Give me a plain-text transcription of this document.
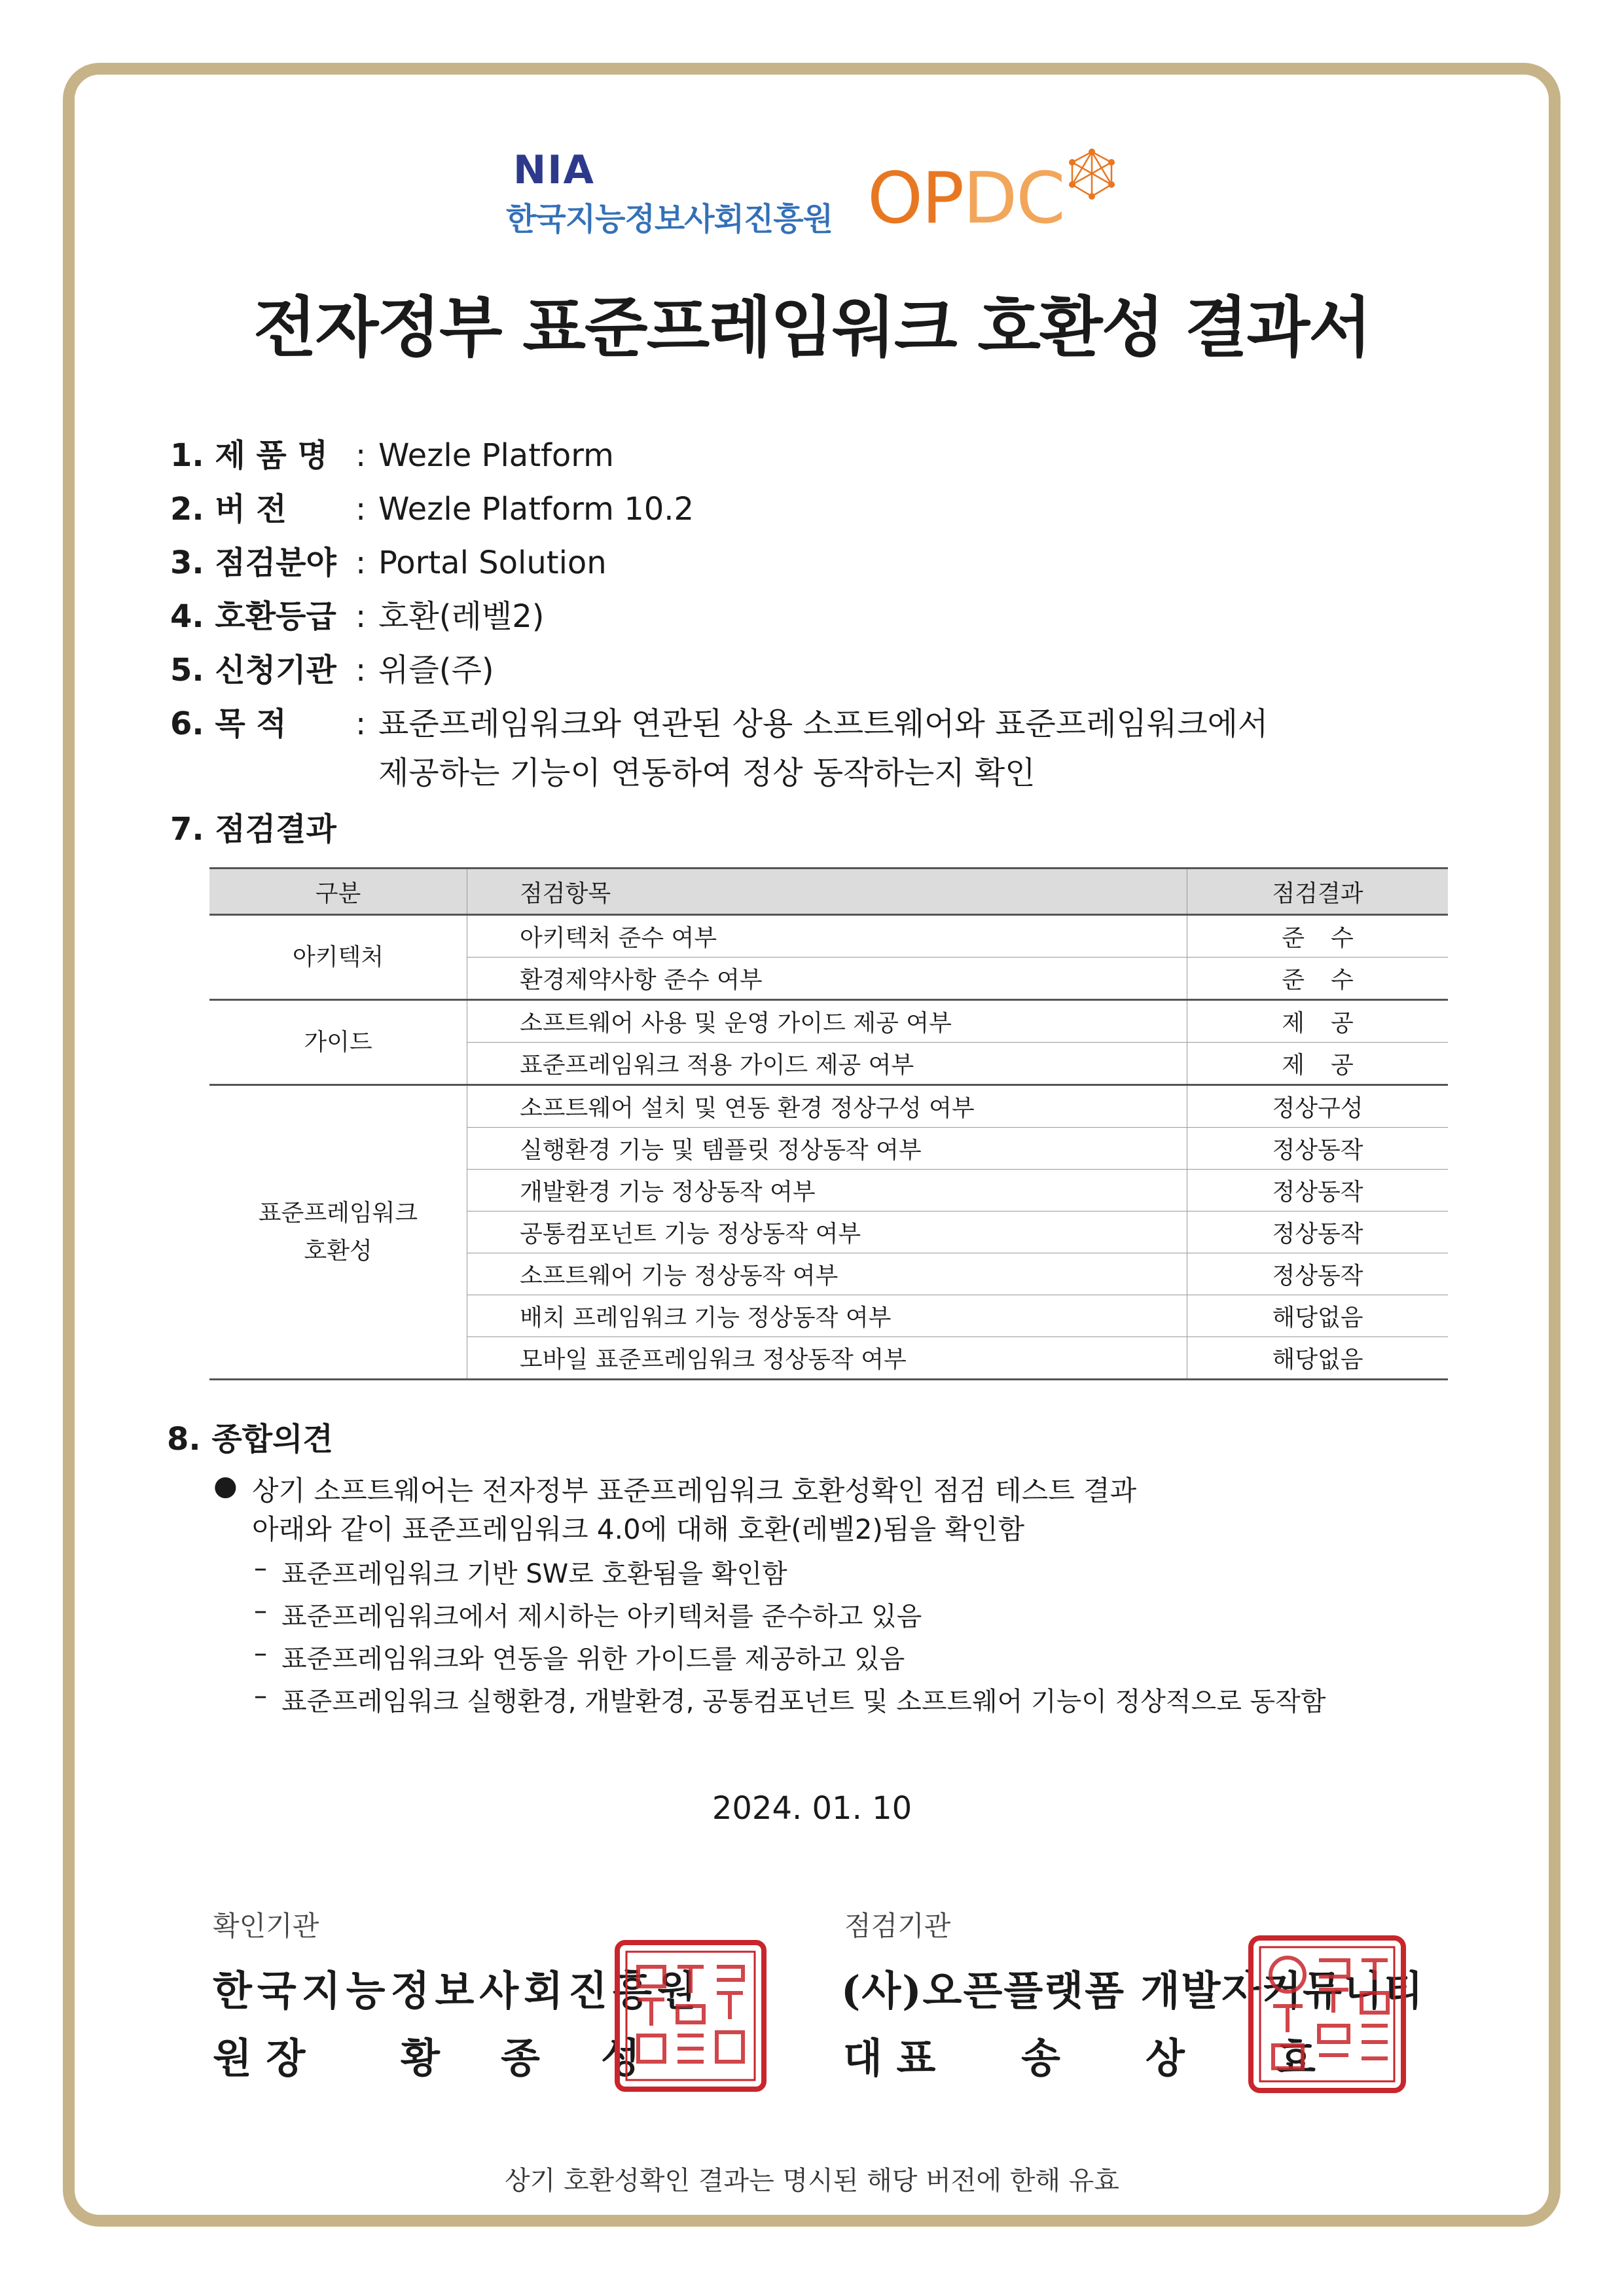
NIA
한국지능정보사회진흥원 OPDC
전자정부 표준프레임워크 호환성 결과서
1. 제 품 명 : Wezle Platform
2. 버 전	: Wezle Platform 10.2
3. 점검분야 : Portal Solution
4. 호환등급 : 호환(레벨2)
5. 신청기관 : 위즐(주)
6. 목 적	: 표준프레임워크와 연관된 상용 소프트웨어와 표준프레임워크에서
제공하는 기능이 연동하여 정상 동작하는지 확인
7. 점검결과
구분	점검항목	점검결과
아키텍처	아키텍처 준수 여부	준수
	환경제약사항 준수 여부	준수
가이드	소프트웨어 사용 및 운영 가이드 제공 여부	제공
	표준프레임워크 적용 가이드 제공 여부	제공
표준프레임워크
호환성	소프트웨어 설치 및 연동 환경 정상구성 여부	정상구성
	실행환경 기능 및 템플릿 정상동작 여부	정상동작
	개발환경 기능 정상동작 여부	정상동작
	공통컴포넌트 기능 정상동작 여부	정상동작
	소프트웨어 기능 정상동작 여부	정상동작
	배치 프레임워크 기능 정상동작 여부	해당없음
	모바일 표준프레임워크 정상동작 여부	해당없음
8. 종합의견
● 상기 소프트웨어는 전자정부 표준프레임워크 호환성확인 점검 테스트 결과
아래와 같이 표준프레임워크 4.0에 대해 호환(레벨2)됨을 확인함
– 표준프레임워크 기반 SW로 호환됨을 확인함
– 표준프레임워크에서 제시하는 아키텍처를 준수하고 있음
– 표준프레임워크와 연동을 위한 가이드를 제공하고 있음
– 표준프레임워크 실행환경, 개발환경, 공통컴포넌트 및 소프트웨어 기능이 정상적으로 동작함
2024. 01. 10
확인기관
한국지능정보사회진흥원
원 장 황 종 성
점검기관
(사)오픈플랫폼 개발자커뮤니티
대 표 송 상 효
상기 호환성확인 결과는 명시된 해당 버전에 한해 유효
